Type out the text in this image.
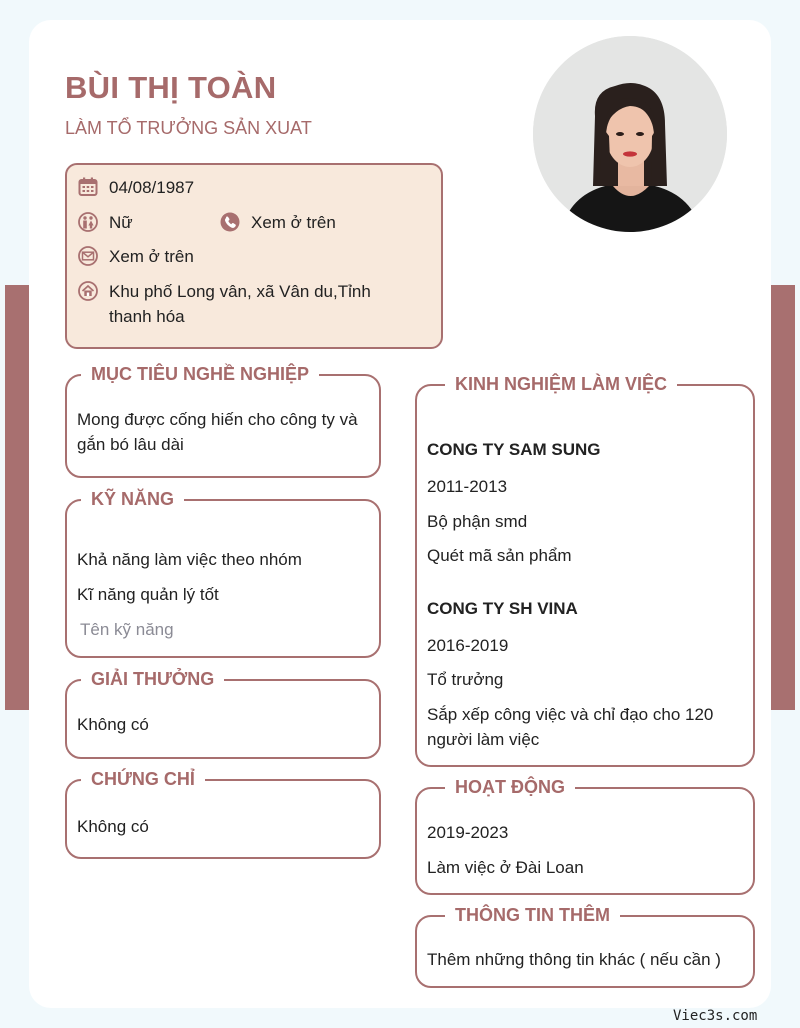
BÙI THỊ TOÀN
LÀM TỔ TRƯỞNG SẢN XUAT
04/08/1987
Nữ	Xem ở trên
Xem ở trên
Khu phố Long vân, xã Vân du,Tỉnh
thanh hóa
MỤC TIÊU NGHỀ NGHIỆP
Mong được cống hiến cho công ty và
gắn bó lâu dài
KỸ NĂNG
Khả năng làm việc theo nhóm
Kĩ năng quản lý tốt
Tên kỹ năng
GIẢI THƯỞNG
Không có
CHỨNG CHỈ
Không có
KINH NGHIỆM LÀM VIỆC
CONG TY SAM SUNG
2011-2013
Bộ phận smd
Quét mã sản phẩm
CONG TY SH VINA
2016-2019
Tổ trưởng
Sắp xếp công việc và chỉ đạo cho 120
người làm việc
HOẠT ĐỘNG
2019-2023
Làm việc ở Đài Loan
THÔNG TIN THÊM
Thêm những thông tin khác ( nếu cần )
Viec3s.com
